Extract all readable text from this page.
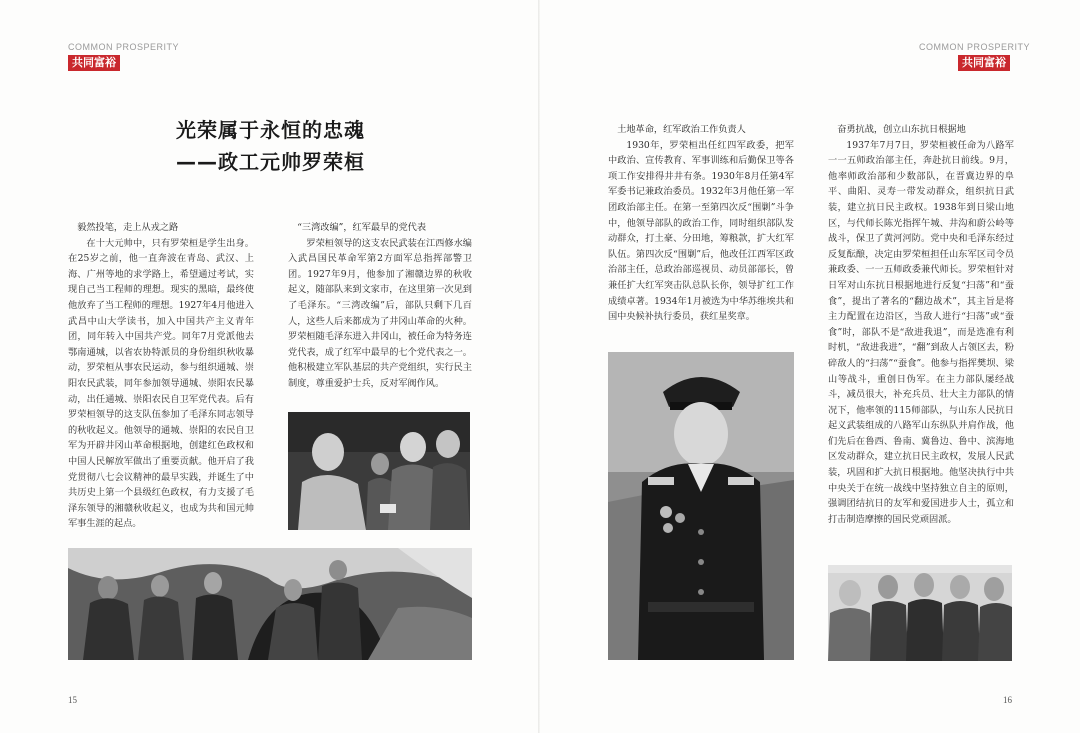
COMMON PROSPERITY
共同富裕
光荣属于永恒的忠魂
——政工元帅罗荣桓
毅然投笔，走上从戎之路

在十大元帅中，只有罗荣桓是学生出身。在25岁之前，他一直奔波在青岛、武汉、上海、广州等地的求学路上，希望通过考试，实现自己当工程师的理想。现实的黑暗，最终使他放弃了当工程师的理想。1927年4月他进入武昌中山大学读书，加入中国共产主义青年团，同年转入中国共产党。同年7月党派他去鄂南通城，以省农协特派员的身份组织秋收暴动，罗荣桓从事农民运动，参与组织通城、崇阳农民武装，同年参加领导通城、崇阳农民暴动，出任通城、崇阳农民自卫军党代表。后有罗荣桓领导的这支队伍参加了毛泽东同志领导的秋收起义。他领导的通城、崇阳的农民自卫军为开辟井冈山革命根据地，创建红色政权和中国人民解放军做出了重要贡献。他开启了我党贯彻八七会议精神的最早实践，并诞生了中共历史上第一个县级红色政权，有力支援了毛泽东领导的湘赣秋收起义，也成为共和国元帅军事生涯的起点。

“三湾改编”，红军最早的党代表

罗荣桓领导的这支农民武装在江西修水编入武昌国民革命军第2方面军总指挥部警卫团。1927年9月，他参加了湘赣边界的秋收起义，随部队来到文家市，在这里第一次见到了毛泽东。“三湾改编”后，部队只剩下几百人，这些人后来都成为了井冈山革命的火种。罗荣桓随毛泽东进入井冈山，被任命为特务连党代表，成了红军中最早的七个党代表之一。他积极建立军队基层的共产党组织，实行民主制度，尊重爱护士兵，反对军阀作风。

15
COMMON PROSPERITY
共同富裕
土地革命，红军政治工作负责人

1930年，罗荣桓出任红四军政委，把军中政治、宣传教育、军事训练和后勤保卫等各项工作安排得井井有条。1930年8月任第4军军委书记兼政治委员。1932年3月他任第一军团政治部主任。在第一至第四次反“围剿”斗争中，他领导部队的政治工作，同时组织部队发动群众，打土豪、分田地，筹粮款，扩大红军队伍。第四次反“围剿”后，他改任江西军区政治部主任，总政治部巡视员、动员部部长，曾兼任扩大红军突击队总队长你，领导扩红工作成绩卓著。1934年1月被选为中华苏维埃共和国中央候补执行委员，获红星奖章。

奋勇抗战，创立山东抗日根据地

1937年7月7日，罗荣桓被任命为八路军一一五师政治部主任，奔赴抗日前线。9月，他率师政治部和少数部队，在晋冀边界的阜平、曲阳、灵寿一带发动群众，组织抗日武装，建立抗日民主政权。1938年到日梁山地区，与代师长陈光指挥午城、井沟和蔚公岭等战斗，保卫了黄河河防。党中央和毛泽东经过反复酝酿，决定由罗荣桓担任山东军区司令员兼政委、一一五师政委兼代师长。罗荣桓针对日军对山东抗日根据地进行反复“扫荡”和“蚕食”，提出了著名的“翻边战术”，其主旨是将主力配置在边沿区，当敌人进行“扫荡”或“蚕食”时，部队不是“敌进我退”，而是选准有利时机，“敌进我进”，“翻”到敌人占领区去，粉碎敌人的“扫荡”“蚕食”。他参与指挥樊坝、梁山等战斗，重创日伪军。在主力部队屡经战斗，减员很大，补充兵员、壮大主力部队的情况下，他率领的115师部队，与山东人民抗日起义武装组成的八路军山东纵队并肩作战，他们先后在鲁西、鲁南、冀鲁边、鲁中、滨海地区发动群众，建立抗日民主政权，发展人民武装，巩固和扩大抗日根据地。他坚决执行中共中央关于在统一战线中坚持独立自主的原则，强调团结抗日的友军和爱国进步人士，孤立和打击制造摩擦的国民党顽固派。

16
